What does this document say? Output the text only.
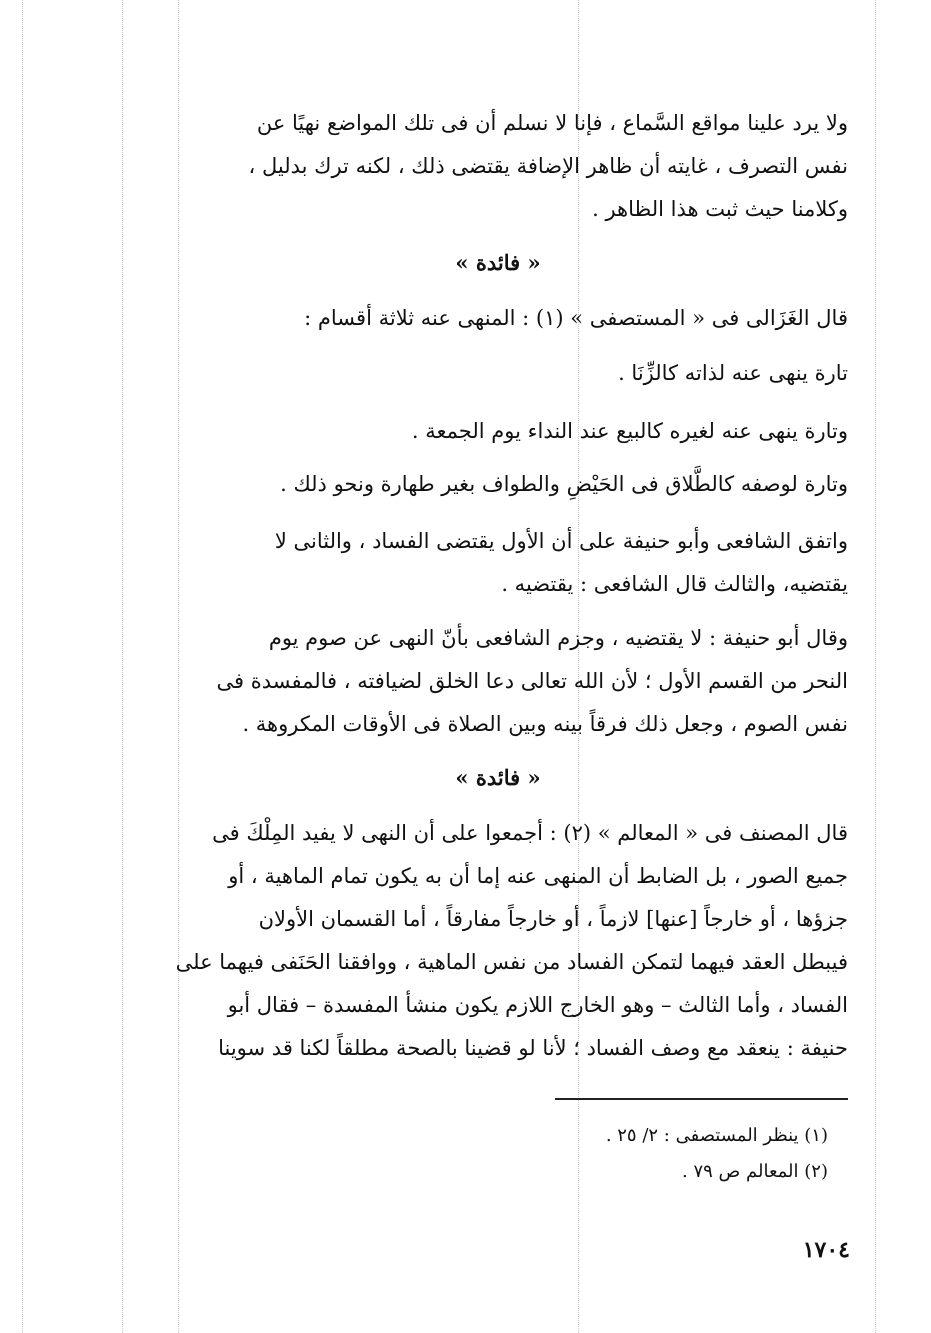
ولا يرد علينا مواقع السَّماع ، فإنا لا نسلم أن فى تلك المواضع نهيًا عن
نفس التصرف ، غايته أن ظاهر الإضافة يقتضى ذلك ، لكنه ترك بدليل ،
وكلامنا حيث ثبت هذا الظاهر .
« فائدة »
قال الغَزَالى فى « المستصفى » (١) : المنهى عنه ثلاثة أقسام :
تارة ينهى عنه لذاته كالزِّنَا .
وتارة ينهى عنه لغيره كالبيع عند النداء يوم الجمعة .
وتارة لوصفه كالطَّلاق فى الحَيْضِ والطواف بغير طهارة ونحو ذلك .
واتفق الشافعى وأبو حنيفة على أن الأول يقتضى الفساد ، والثانى لا
يقتضيه، والثالث قال الشافعى : يقتضيه .
وقال أبو حنيفة : لا يقتضيه ، وجزم الشافعى بأنّ النهى عن صوم يوم
النحر من القسم الأول ؛ لأن الله تعالى دعا الخلق لضيافته ، فالمفسدة فى
نفس الصوم ، وجعل ذلك فرقاً بينه وبين الصلاة فى الأوقات المكروهة .
« فائدة »
قال المصنف فى « المعالم » (٢) : أجمعوا على أن النهى لا يفيد المِلْكَ فى
جميع الصور ، بل الضابط أن المنهى عنه إما أن به يكون تمام الماهية ، أو
جزؤها ، أو خارجاً [عنها] لازماً ، أو خارجاً مفارقاً ، أما القسمان الأولان
فيبطل العقد فيهما لتمكن الفساد من نفس الماهية ، ووافقنا الحَنَفى فيهما على
الفساد ، وأما الثالث – وهو الخارج اللازم يكون منشأ المفسدة – فقال أبو
حنيفة : ينعقد مع وصف الفساد ؛ لأنا لو قضينا بالصحة مطلقاً لكنا قد سوينا
(١) ينظر المستصفى : ٢/ ٢٥ .
(٢) المعالم ص ٧٩ .
١٧٠٤
